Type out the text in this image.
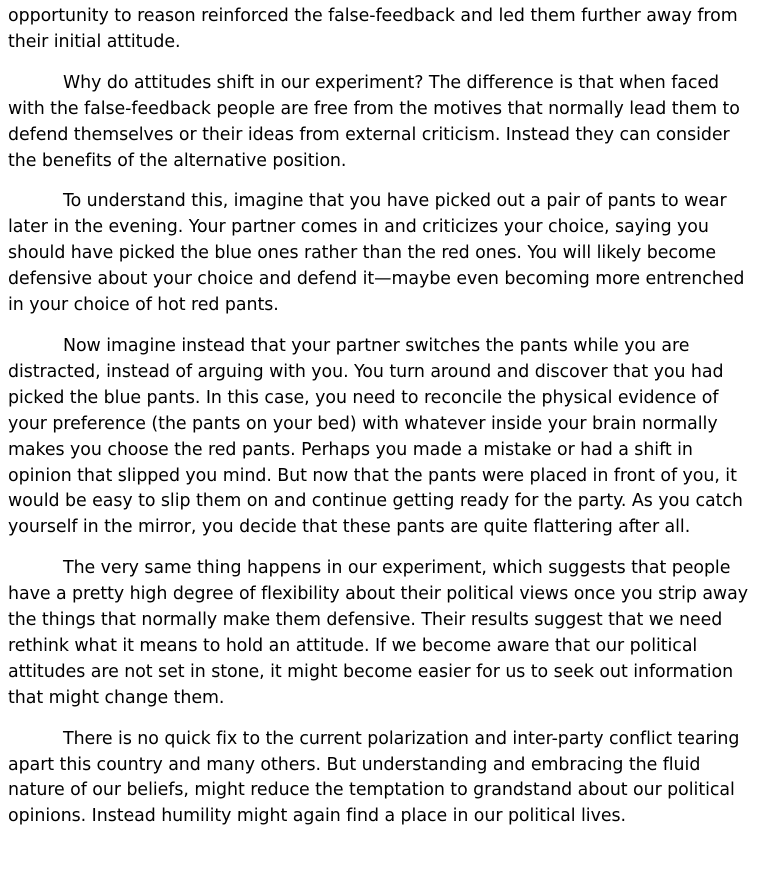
opportunity to reason reinforced the false-feedback and led them further away from their initial attitude.

Why do attitudes shift in our experiment? The difference is that when faced with the false-feedback people are free from the motives that normally lead them to defend themselves or their ideas from external criticism. Instead they can consider the benefits of the alternative position.

To understand this, imagine that you have picked out a pair of pants to wear later in the evening. Your partner comes in and criticizes your choice, saying you should have picked the blue ones rather than the red ones. You will likely become defensive about your choice and defend it—maybe even becoming more entrenched in your choice of hot red pants.

Now imagine instead that your partner switches the pants while you are distracted, instead of arguing with you. You turn around and discover that you had picked the blue pants. In this case, you need to reconcile the physical evidence of your preference (the pants on your bed) with whatever inside your brain normally makes you choose the red pants. Perhaps you made a mistake or had a shift in opinion that slipped you mind. But now that the pants were placed in front of you, it would be easy to slip them on and continue getting ready for the party. As you catch yourself in the mirror, you decide that these pants are quite flattering after all.

The very same thing happens in our experiment, which suggests that people have a pretty high degree of flexibility about their political views once you strip away the things that normally make them defensive. Their results suggest that we need rethink what it means to hold an attitude. If we become aware that our political attitudes are not set in stone, it might become easier for us to seek out information that might change them.

There is no quick fix to the current polarization and inter-party conflict tearing apart this country and many others. But understanding and embracing the fluid nature of our beliefs, might reduce the temptation to grandstand about our political opinions. Instead humility might again find a place in our political lives.
